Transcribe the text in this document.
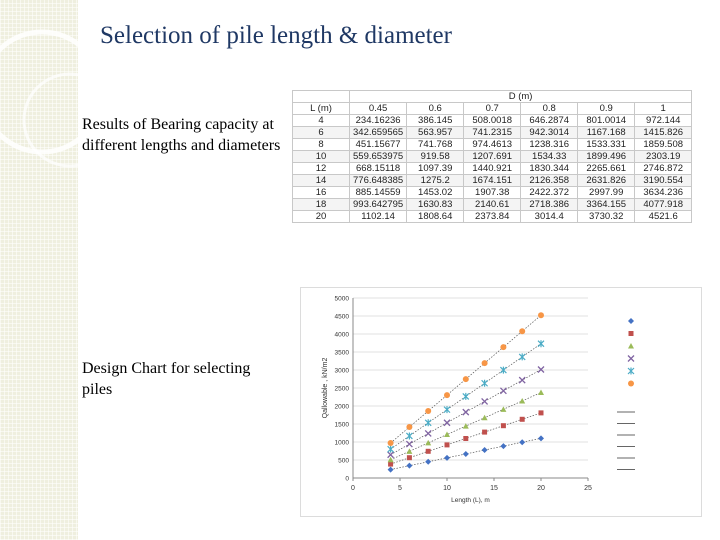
Selection of pile length & diameter
Results of Bearing capacity at different lengths and diameters
Design Chart for selecting piles
	D (m)					
L (m)	0.45	0.6	0.7	0.8	0.9	1
4	234.16236	386.145	508.0018	646.2874	801.0014	972.144
6	342.659565	563.957	741.2315	942.3014	1167.168	1415.826
8	451.15677	741.768	974.4613	1238.316	1533.331	1859.508
10	559.653975	919.58	1207.691	1534.33	1899.496	2303.19
12	668.15118	1097.39	1440.921	1830.344	2265.661	2746.872
14	776.648385	1275.2	1674.151	2126.358	2631.826	3190.554
16	885.14559	1453.02	1907.38	2422.372	2997.99	3634.236
18	993.642795	1630.83	2140.61	2718.386	3364.155	4077.918
20	1102.14	1808.64	2373.84	3014.4	3730.32	4521.6
0
500
1000
1500
2000
2500
3000
3500
4000
4500
5000
0	5	10	15	20	25
Length (L), m
Qallowable , kN/m2
